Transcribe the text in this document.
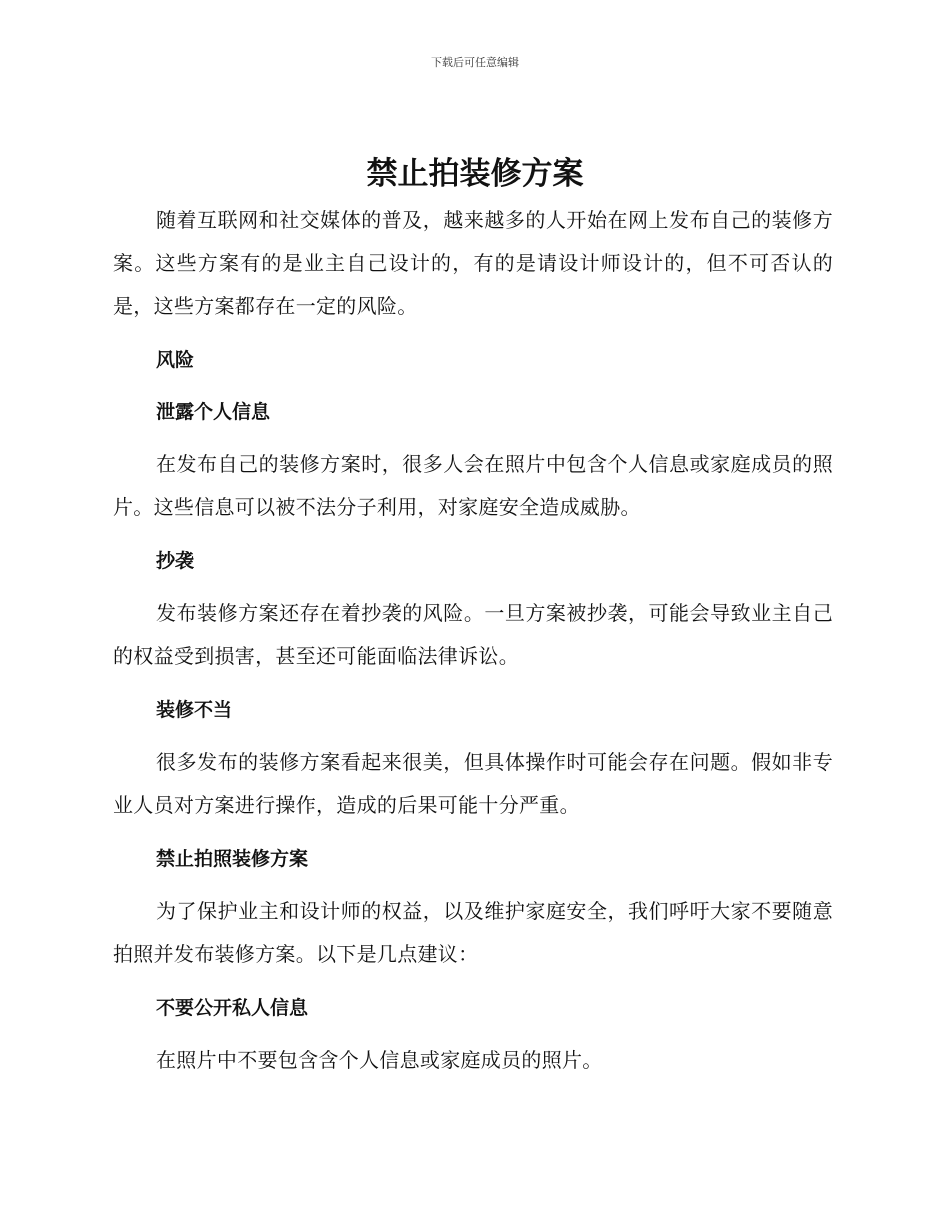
下载后可任意编辑
禁止拍装修方案

随着互联网和社交媒体的普及，越来越多的人开始在网上发布自己的装修方案。这些方案有的是业主自己设计的，有的是请设计师设计的，但不可否认的是，这些方案都存在一定的风险。

风险
泄露个人信息

在发布自己的装修方案时，很多人会在照片中包含个人信息或家庭成员的照片。这些信息可以被不法分子利用，对家庭安全造成威胁。

抄袭

发布装修方案还存在着抄袭的风险。一旦方案被抄袭，可能会导致业主自己的权益受到损害，甚至还可能面临法律诉讼。

装修不当

很多发布的装修方案看起来很美，但具体操作时可能会存在问题。假如非专业人员对方案进行操作，造成的后果可能十分严重。

禁止拍照装修方案

为了保护业主和设计师的权益，以及维护家庭安全，我们呼吁大家不要随意拍照并发布装修方案。以下是几点建议：

不要公开私人信息

在照片中不要包含含个人信息或家庭成员的照片。
